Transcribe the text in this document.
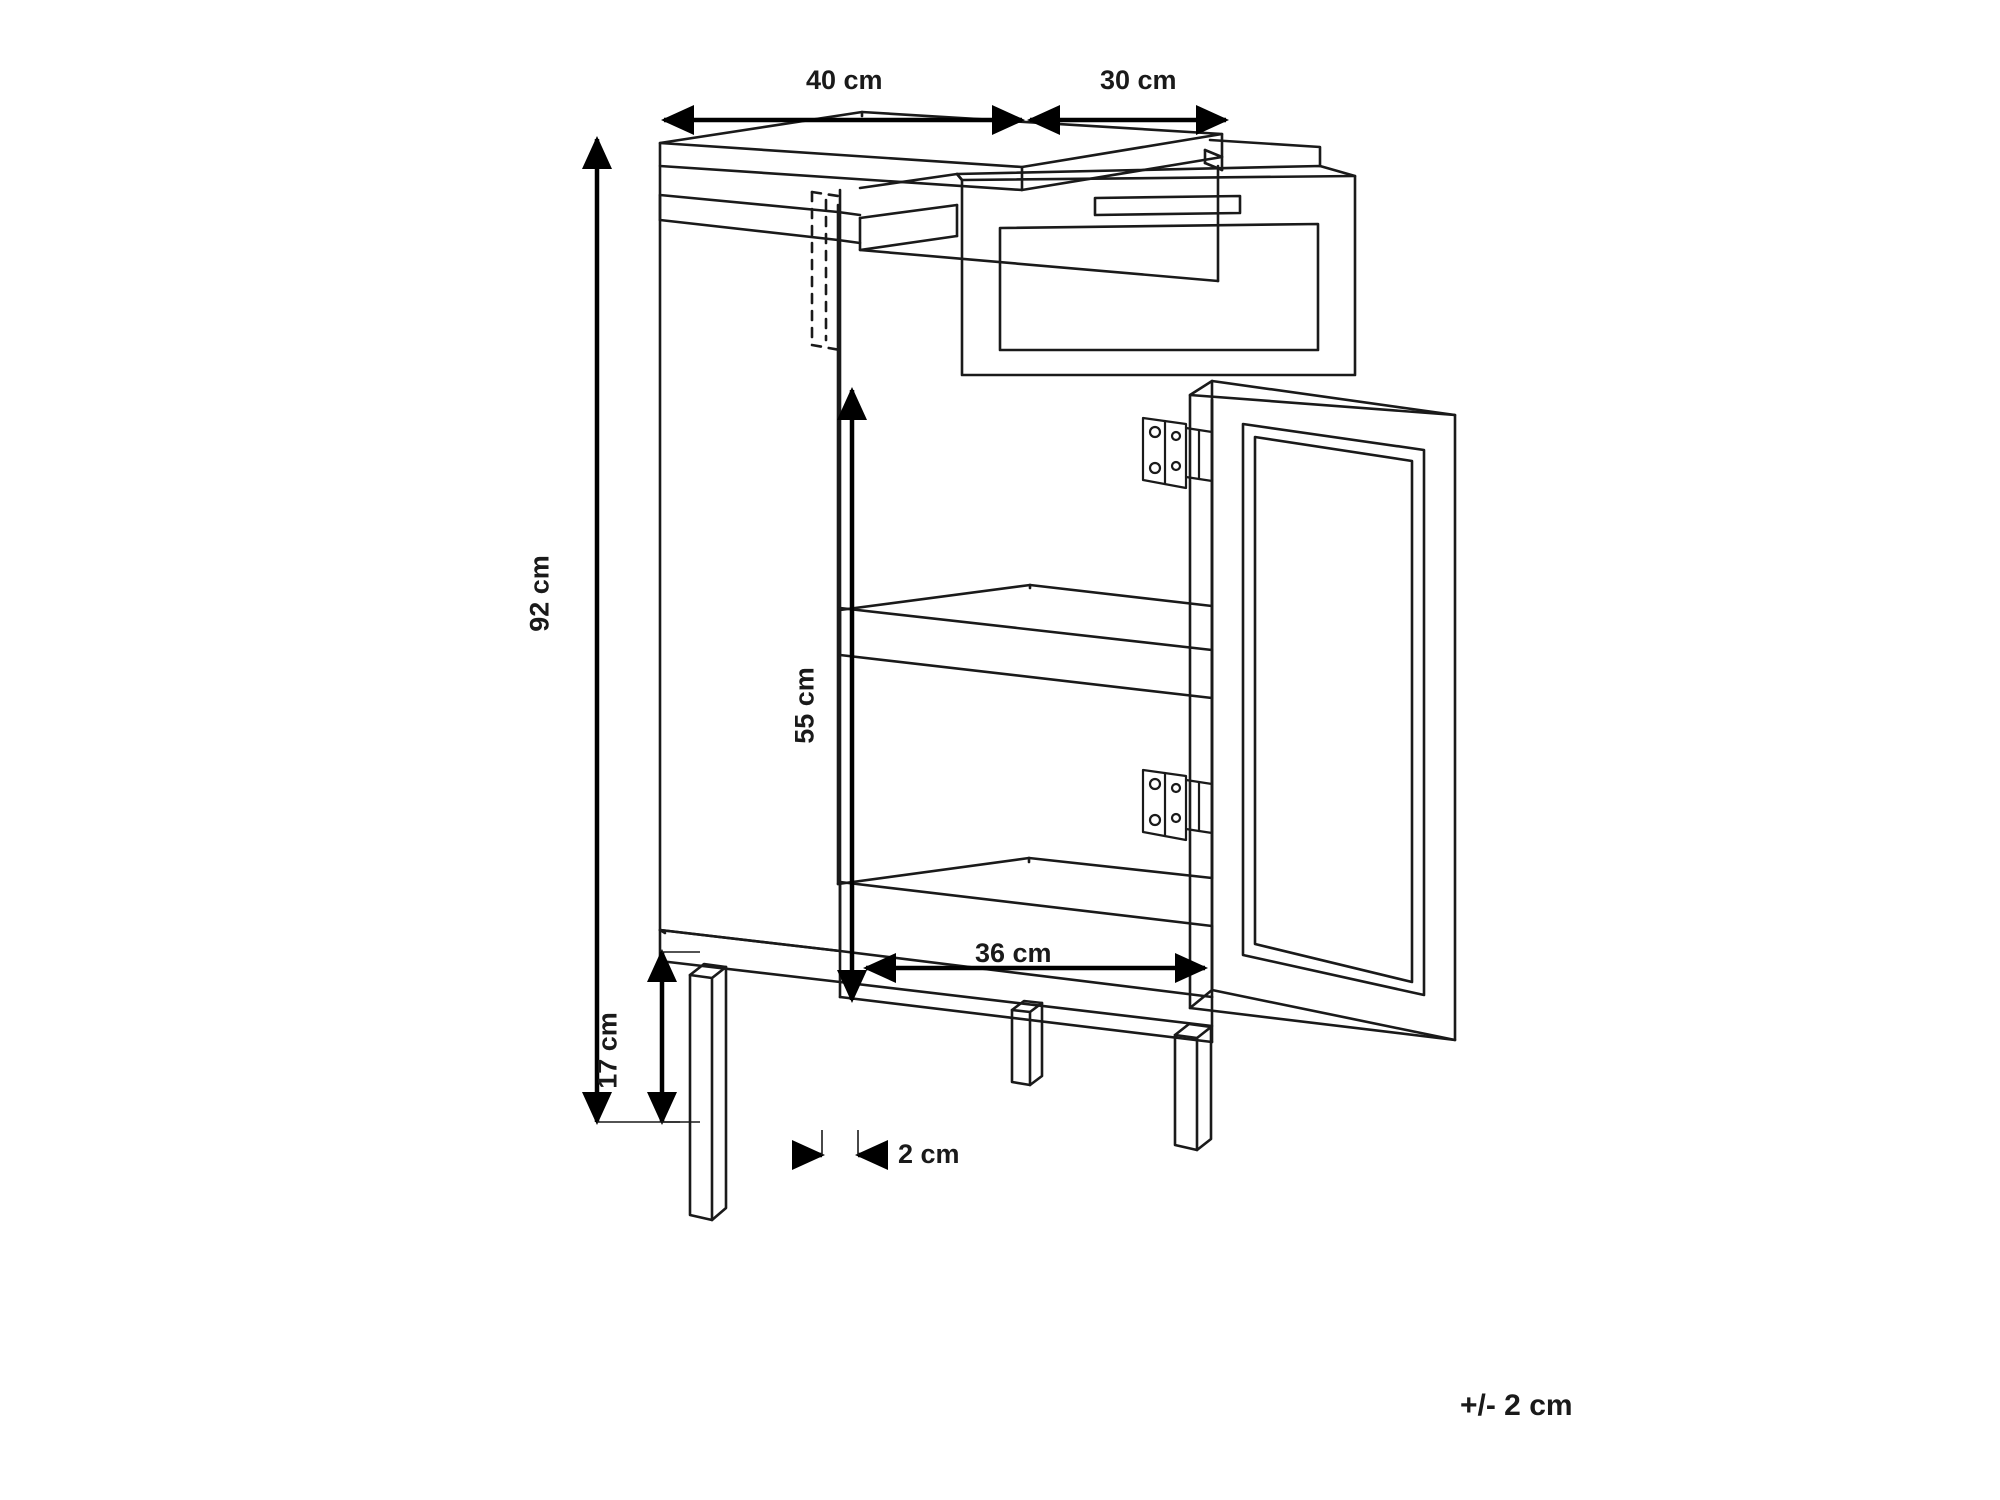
40 cm	30 cm
92 cm
55 cm
36 cm
17 cm
2 cm
+/- 2 cm
